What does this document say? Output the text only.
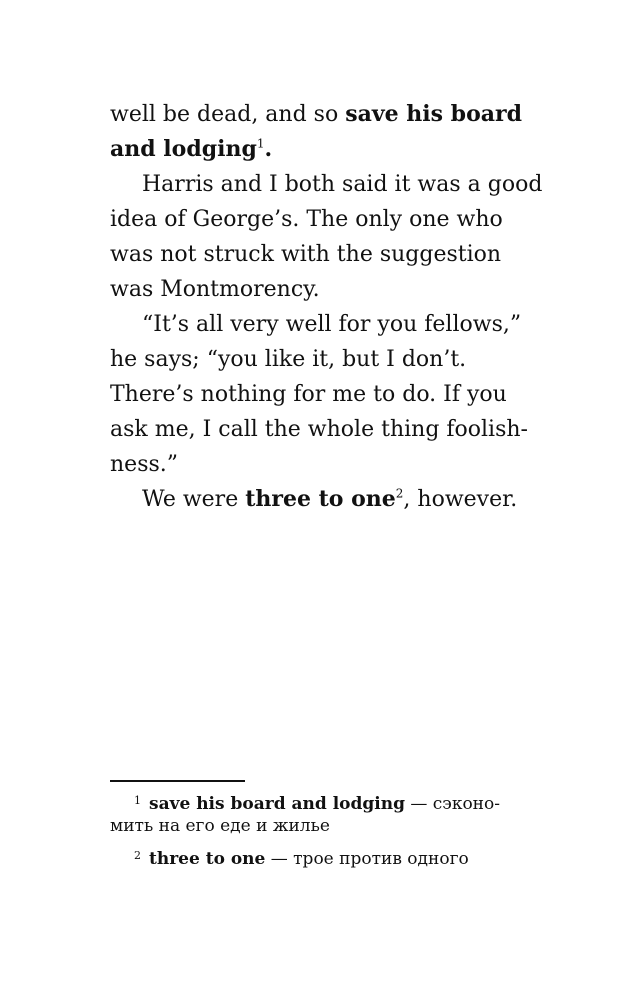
well be dead, and so save his board
and lodging$^1$.
Harris and I both said it was a good
idea of George’s. The only one who
was not struck with the suggestion
was Montmorency.
“It’s all very well for you fellows,”
he says; “you like it, but I don’t.
There’s nothing for me to do. If you
ask me, I call the whole thing foolish-
ness.”
We were three to one$^2$, however.
$^1$ save his board and lodging — сэконо-
мить на его еде и жилье
$^2$ three to one — трое против одного
